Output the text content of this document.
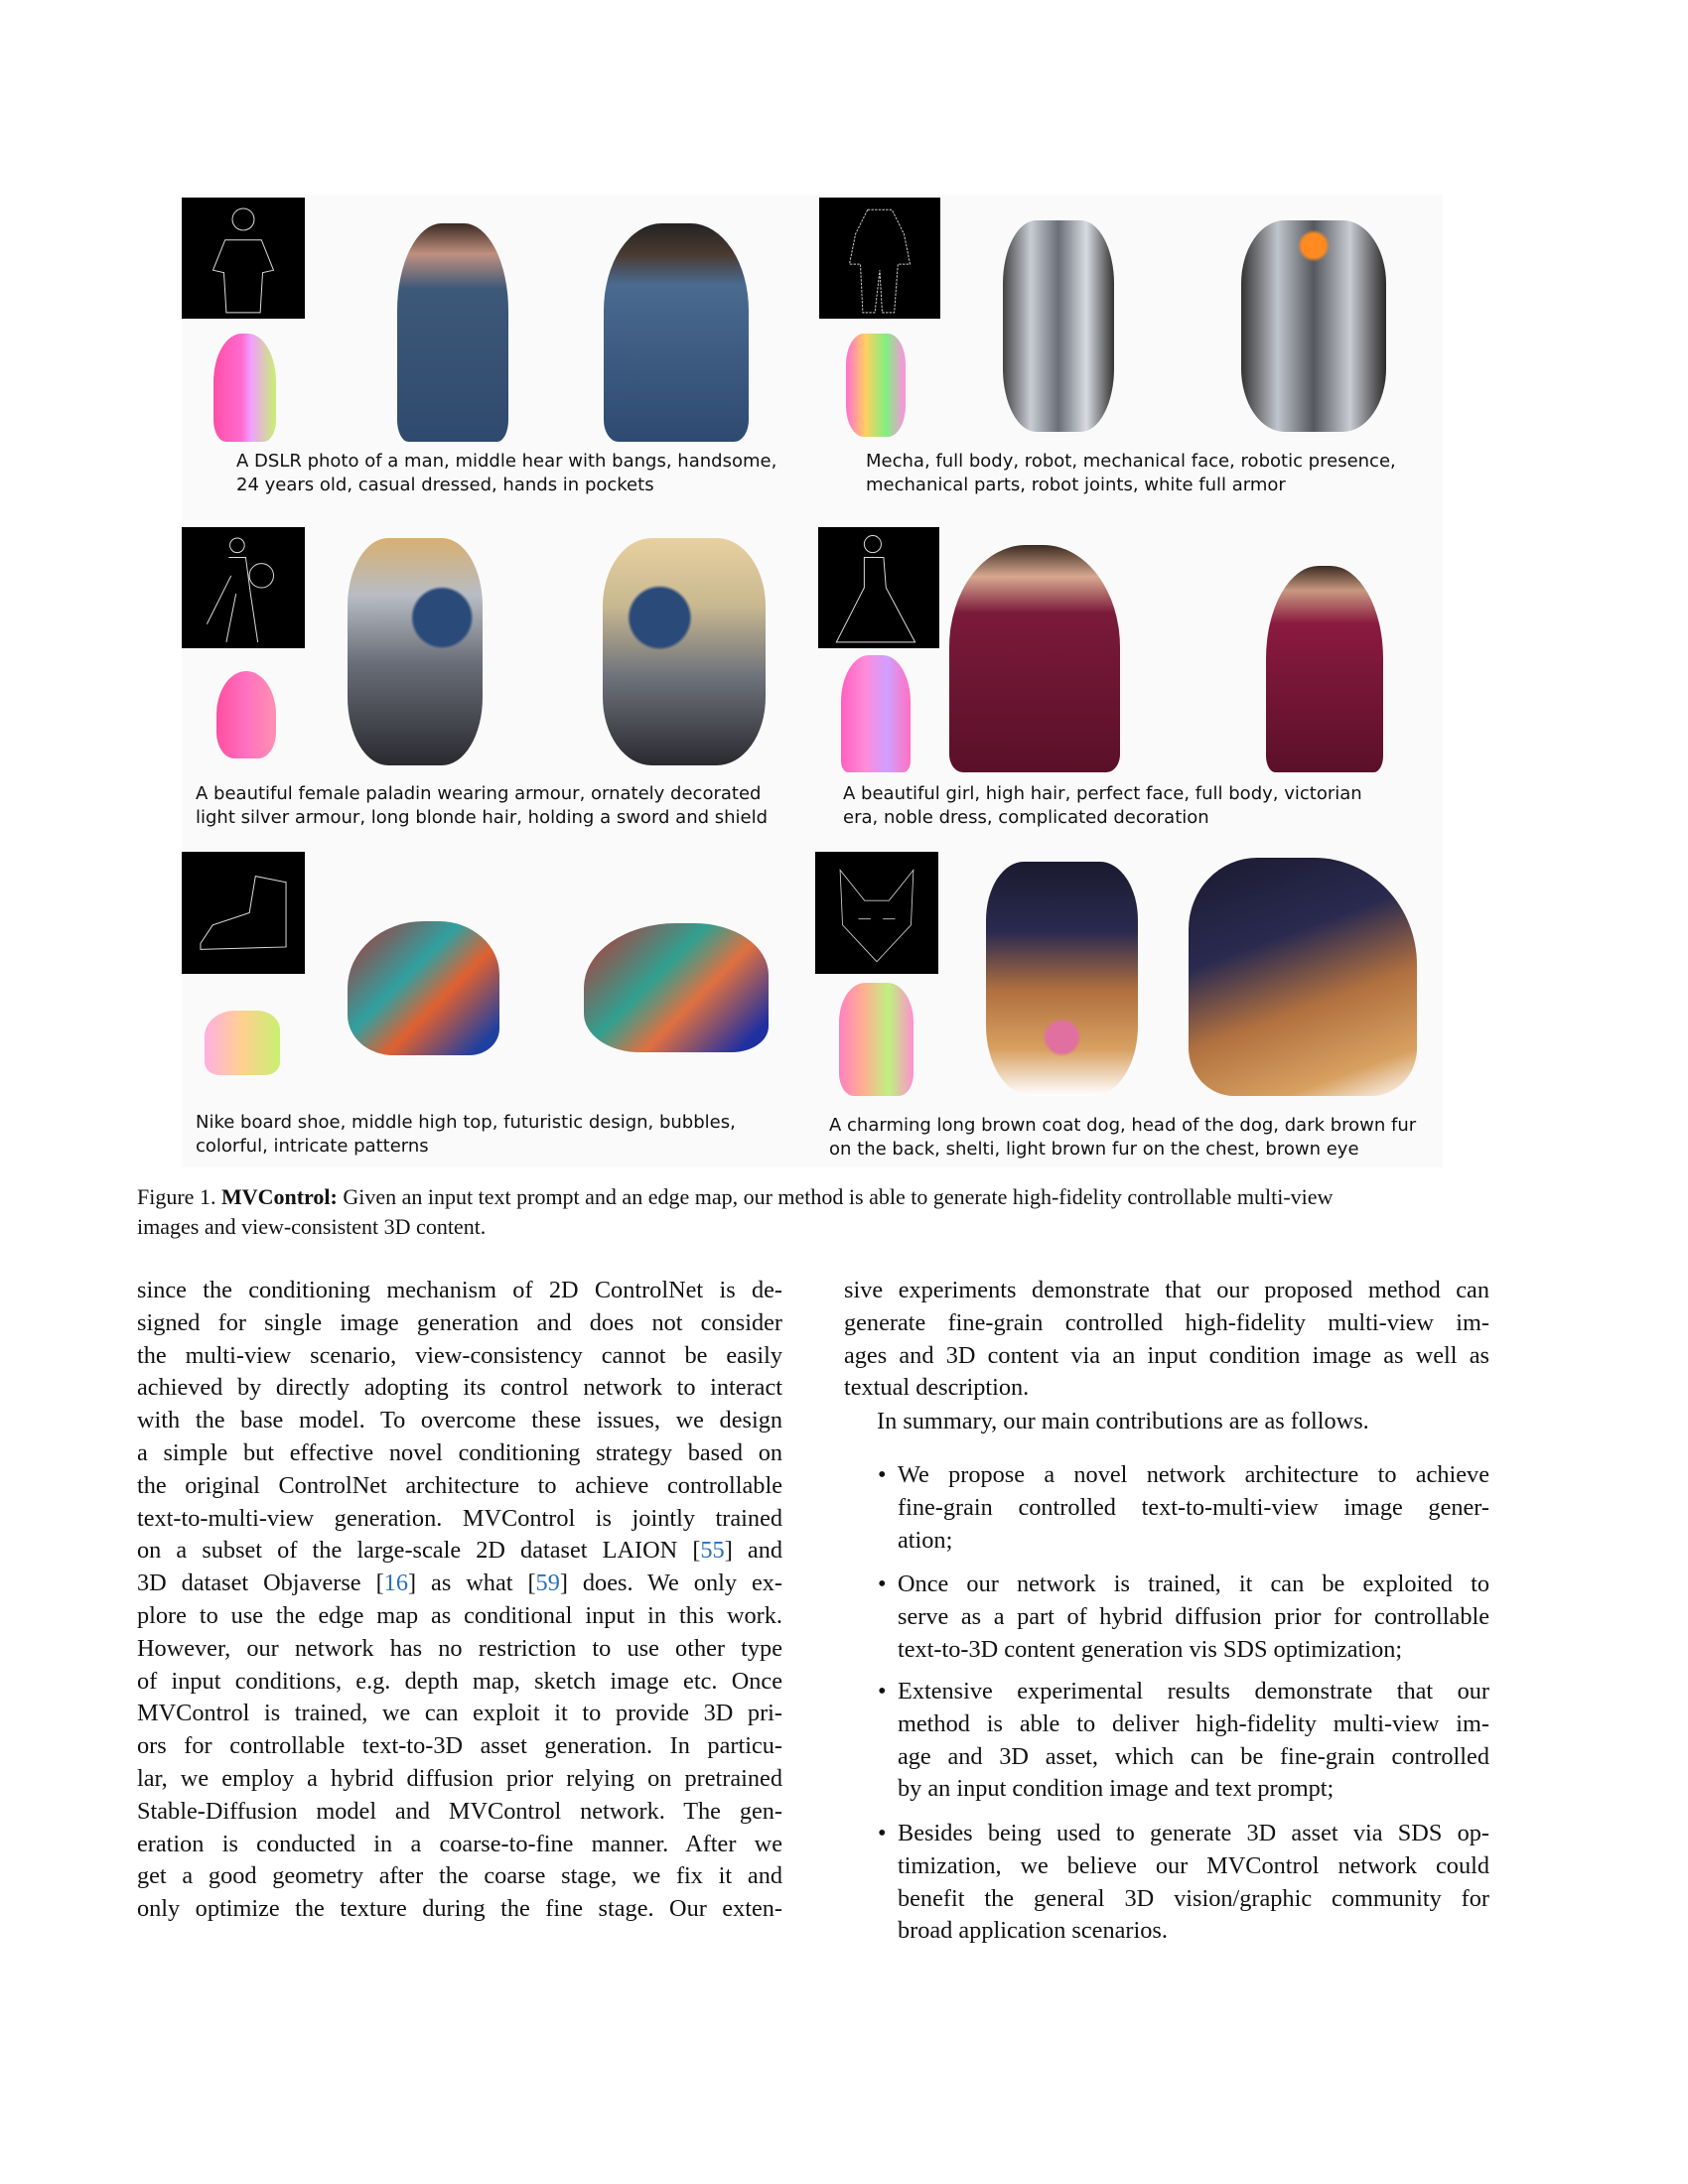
A DSLR photo of a man, middle hear with bangs, handsome,
24 years old, casual dressed, hands in pockets
Mecha, full body, robot, mechanical face, robotic presence,
mechanical parts, robot joints, white full armor
A beautiful female paladin wearing armour, ornately decorated
light silver armour, long blonde hair, holding a sword and shield
A beautiful girl, high hair, perfect face, full body, victorian
era, noble dress, complicated decoration
Nike board shoe, middle high top, futuristic design, bubbles,
colorful, intricate patterns
A charming long brown coat dog, head of the dog, dark brown fur
on the back, shelti, light brown fur on the chest, brown eye
Figure 1. MVControl: Given an input text prompt and an edge map, our method is able to generate high-fidelity controllable multi-view
images and view-consistent 3D content.
since the conditioning mechanism of 2D ControlNet is de-
signed for single image generation and does not consider
the multi-view scenario, view-consistency cannot be easily
achieved by directly adopting its control network to interact
with the base model. To overcome these issues, we design
a simple but effective novel conditioning strategy based on
the original ControlNet architecture to achieve controllable
text-to-multi-view generation. MVControl is jointly trained
on a subset of the large-scale 2D dataset LAION [55] and
3D dataset Objaverse [16] as what [59] does. We only ex-
plore to use the edge map as conditional input in this work.
However, our network has no restriction to use other type
of input conditions, e.g. depth map, sketch image etc. Once
MVControl is trained, we can exploit it to provide 3D pri-
ors for controllable text-to-3D asset generation. In particu-
lar, we employ a hybrid diffusion prior relying on pretrained
Stable-Diffusion model and MVControl network. The gen-
eration is conducted in a coarse-to-fine manner. After we
get a good geometry after the coarse stage, we fix it and
only optimize the texture during the fine stage. Our exten-
sive experiments demonstrate that our proposed method can
generate fine-grain controlled high-fidelity multi-view im-
ages and 3D content via an input condition image as well as
textual description.
In summary, our main contributions are as follows.
• We propose a novel network architecture to achieve
fine-grain controlled text-to-multi-view image gener-
ation;
• Once our network is trained, it can be exploited to
serve as a part of hybrid diffusion prior for controllable
text-to-3D content generation vis SDS optimization;
• Extensive experimental results demonstrate that our
method is able to deliver high-fidelity multi-view im-
age and 3D asset, which can be fine-grain controlled
by an input condition image and text prompt;
• Besides being used to generate 3D asset via SDS op-
timization, we believe our MVControl network could
benefit the general 3D vision/graphic community for
broad application scenarios.
